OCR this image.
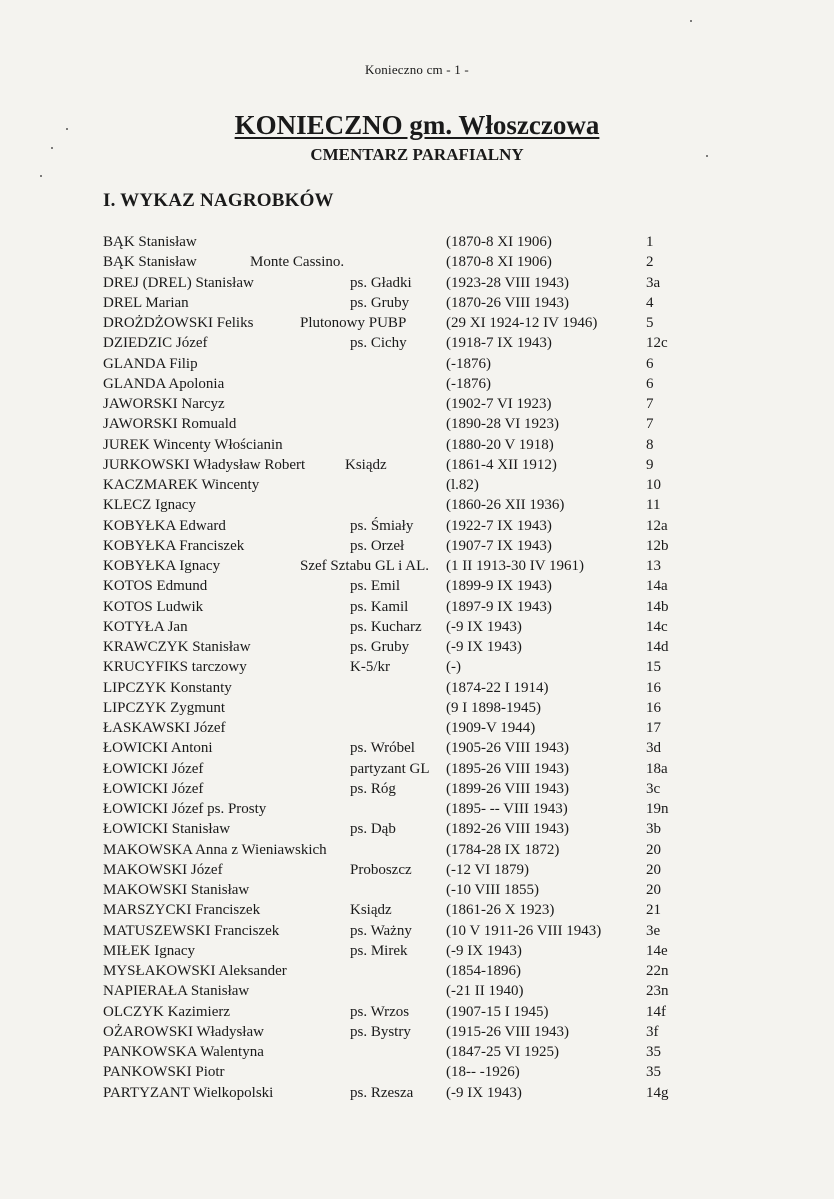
Konieczno cm - 1 -
KONIECZNO gm. Włoszczowa
CMENTARZ PARAFIALNY
I. WYKAZ NAGROBKÓW
BĄK Stanisław	(1870-8 XI 1906)	1
BĄK Stanisław	Monte Cassino.	(1870-8 XI 1906)	2
DREJ (DREL) Stanisław	ps. Gładki (1923-28 VIII 1943)	3a
DREL Marian	ps. Gruby (1870-26 VIII 1943)	4
DROŻDŻOWSKI Feliks	Plutonowy PUBP	(29 XI 1924-12 IV 1946)	5
DZIEDZIC Józef	ps. Cichy	(1918-7 IX 1943)	12c
GLANDA Filip	(-1876)	6
GLANDA Apolonia	(-1876)	6
JAWORSKI Narcyz	(1902-7 VI 1923)	7
JAWORSKI Romuald	(1890-28 VI 1923)	7
JUREK Wincenty Włościanin	(1880-20 V 1918)	8
JURKOWSKI Władysław Robert	Ksiądz	(1861-4 XII 1912)	9
KACZMAREK Wincenty	(l.82)	10
KLECZ Ignacy	(1860-26 XII 1936)	11
KOBYŁKA Edward	ps. Śmiały (1922-7 IX 1943)	12a
KOBYŁKA Franciszek	ps. Orzeł	(1907-7 IX 1943)	12b
KOBYŁKA Ignacy	Szef Sztabu GL i AL. (1 II 1913-30 IV 1961)	13
KOTOS Edmund	ps. Emil	(1899-9 IX 1943)	14a
KOTOS Ludwik	ps. Kamil	(1897-9 IX 1943)	14b
KOTYŁA Jan	ps. Kucharz (-9 IX 1943)	14c
KRAWCZYK Stanisław	ps. Gruby (-9 IX 1943)	14d
KRUCYFIKS tarczowy	K-5/kr	(-)	15
LIPCZYK Konstanty	(1874-22 I 1914)	16
LIPCZYK Zygmunt	(9 I 1898-1945)	16
ŁASKAWSKI Józef	(1909-V 1944)	17
ŁOWICKI Antoni	ps. Wróbel (1905-26 VIII 1943)	3d
ŁOWICKI Józef	partyzant GL (1895-26 VIII 1943)	18a
ŁOWICKI Józef	ps. Róg	(1899-26 VIII 1943)	3c
ŁOWICKI Józef ps. Prosty	(1895- -- VIII 1943)	19n
ŁOWICKI Stanisław	ps. Dąb	(1892-26 VIII 1943)	3b
MAKOWSKA Anna z Wieniawskich	(1784-28 IX 1872)	20
MAKOWSKI Józef	Proboszcz (-12 VI 1879)	20
MAKOWSKI Stanisław	(-10 VIII 1855)	20
MARSZYCKI Franciszek	Ksiądz	(1861-26 X 1923)	21
MATUSZEWSKI Franciszek	ps. Ważny (10 V 1911-26 VIII 1943)	3e
MIŁEK Ignacy	ps. Mirek	(-9 IX 1943)	14e
MYSŁAKOWSKI Aleksander	(1854-1896)	22n
NAPIERAŁA Stanisław	(-21 II 1940)	23n
OLCZYK Kazimierz	ps. Wrzos (1907-15 I 1945)	14f
OŻAROWSKI Władysław	ps. Bystry (1915-26 VIII 1943)	3f
PANKOWSKA Walentyna	(1847-25 VI 1925)	35
PANKOWSKI Piotr	(18-- -1926)	35
PARTYZANT Wielkopolski	ps. Rzesza (-9 IX 1943)	14g
